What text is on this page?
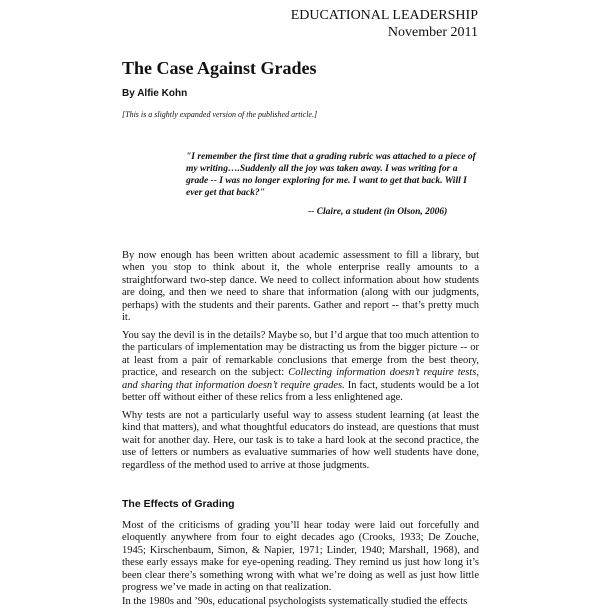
EDUCATIONAL LEADERSHIP
November 2011
The Case Against Grades
By Alfie Kohn
[This is a slightly expanded version of the published article.]
"I remember the first time that a grading rubric was attached to a piece of my writing….Suddenly all the joy was taken away. I was writing for a grade -- I was no longer exploring for me. I want to get that back. Will I ever get that back?"
-- Claire, a student (in Olson, 2006)
By now enough has been written about academic assessment to fill a library, but when you stop to think about it, the whole enterprise really amounts to a straightforward two-step dance. We need to collect information about how students are doing, and then we need to share that information (along with our judgments, perhaps) with the students and their parents. Gather and report -- that’s pretty much it.
You say the devil is in the details? Maybe so, but I’d argue that too much attention to the particulars of implementation may be distracting us from the bigger picture -- or at least from a pair of remarkable conclusions that emerge from the best theory, practice, and research on the subject: Collecting information doesn’t require tests, and sharing that information doesn’t require grades. In fact, students would be a lot better off without either of these relics from a less enlightened age.
Why tests are not a particularly useful way to assess student learning (at least the kind that matters), and what thoughtful educators do instead, are questions that must wait for another day. Here, our task is to take a hard look at the second practice, the use of letters or numbers as evaluative summaries of how well students have done, regardless of the method used to arrive at those judgments.
The Effects of Grading
Most of the criticisms of grading you’ll hear today were laid out forcefully and eloquently anywhere from four to eight decades ago (Crooks, 1933; De Zouche, 1945; Kirschenbaum, Simon, & Napier, 1971; Linder, 1940; Marshall, 1968), and these early essays make for eye-opening reading. They remind us just how long it’s been clear there’s something wrong with what we’re doing as well as just how little progress we’ve made in acting on that realization.
In the 1980s and ’90s, educational psychologists systematically studied the effects
